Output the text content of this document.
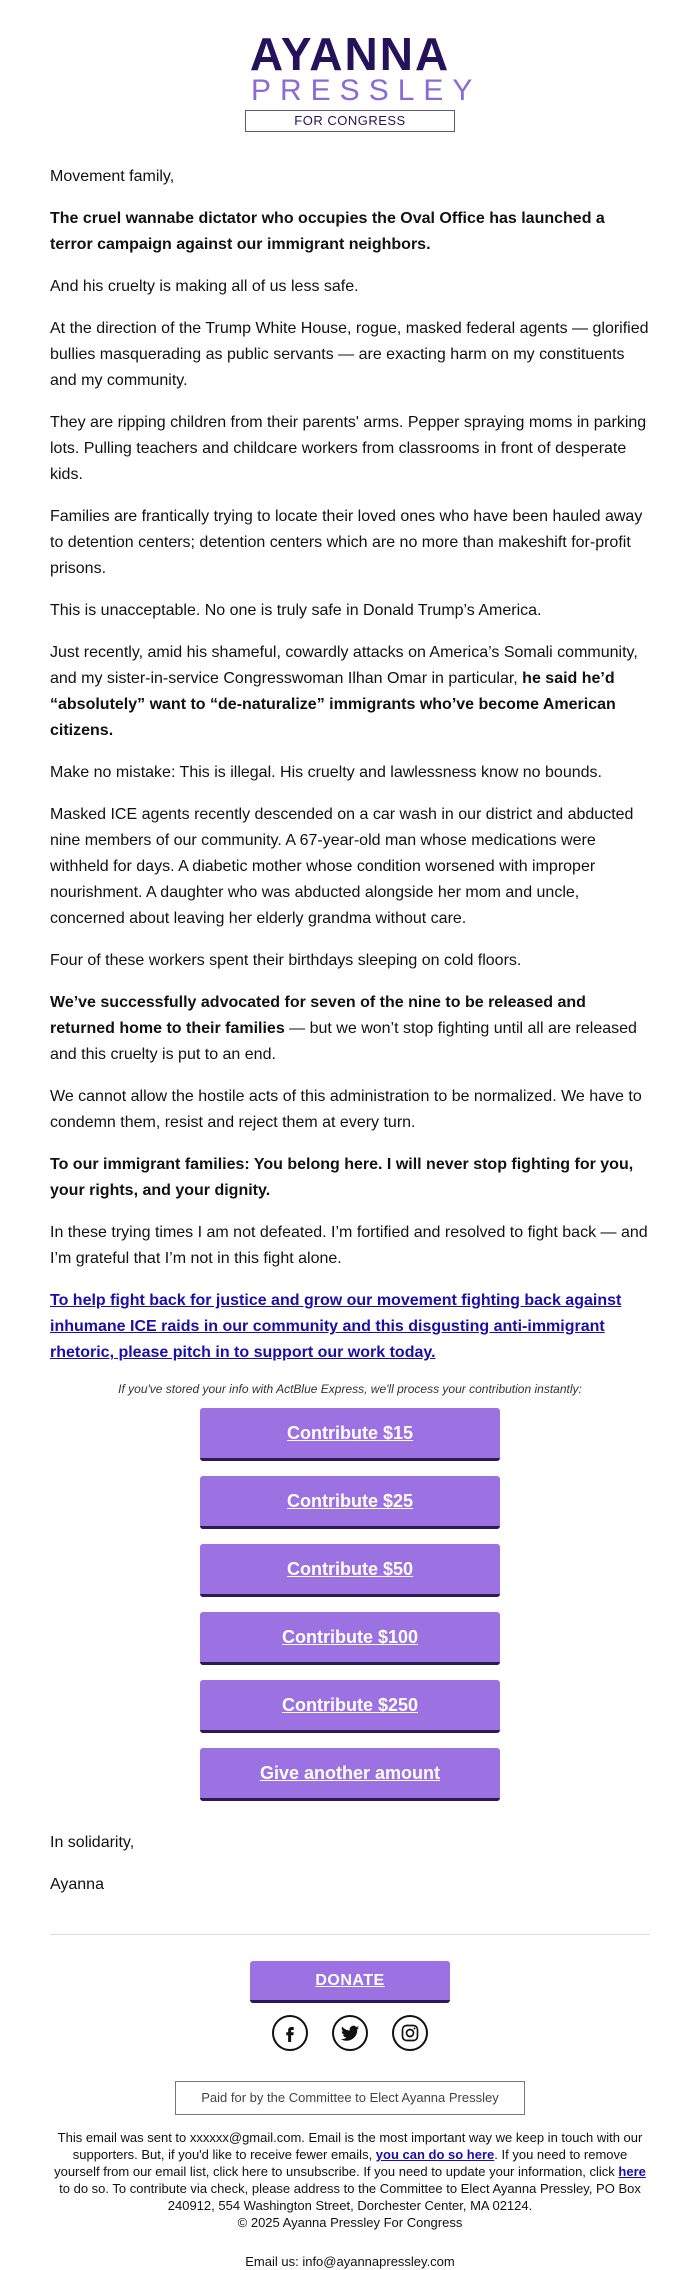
AYANNA
PRESSLEY
FOR CONGRESS

Movement family,

The cruel wannabe dictator who occupies the Oval Office has launched a terror campaign against our immigrant neighbors.

And his cruelty is making all of us less safe.

At the direction of the Trump White House, rogue, masked federal agents — glorified bullies masquerading as public servants — are exacting harm on my constituents and my community.

They are ripping children from their parents' arms. Pepper spraying moms in parking lots. Pulling teachers and childcare workers from classrooms in front of desperate kids.

Families are frantically trying to locate their loved ones who have been hauled away to detention centers; detention centers which are no more than makeshift for-profit prisons.

This is unacceptable. No one is truly safe in Donald Trump’s America.

Just recently, amid his shameful, cowardly attacks on America’s Somali community, and my sister-in-service Congresswoman Ilhan Omar in particular, he said he’d “absolutely” want to “de-naturalize” immigrants who’ve become American citizens.

Make no mistake: This is illegal. His cruelty and lawlessness know no bounds.

Masked ICE agents recently descended on a car wash in our district and abducted nine members of our community. A 67-year-old man whose medications were withheld for days. A diabetic mother whose condition worsened with improper nourishment. A daughter who was abducted alongside her mom and uncle, concerned about leaving her elderly grandma without care.

Four of these workers spent their birthdays sleeping on cold floors.

We’ve successfully advocated for seven of the nine to be released and returned home to their families — but we won’t stop fighting until all are released and this cruelty is put to an end.

We cannot allow the hostile acts of this administration to be normalized. We have to condemn them, resist and reject them at every turn.

To our immigrant families: You belong here. I will never stop fighting for you, your rights, and your dignity.

In these trying times I am not defeated. I’m fortified and resolved to fight back — and I’m grateful that I’m not in this fight alone.

To help fight back for justice and grow our movement fighting back against inhumane ICE raids in our community and this disgusting anti-immigrant rhetoric, please pitch in to support our work today.

If you've stored your info with ActBlue Express, we'll process your contribution instantly:
Contribute $15
Contribute $25
Contribute $50
Contribute $100
Contribute $250
Give another amount

In solidarity,

Ayanna

DONATE
Paid for by the Committee to Elect Ayanna Pressley
This email was sent to xxxxxx@gmail.com. Email is the most important way we keep in touch with our supporters. But, if you'd like to receive fewer emails, you can do so here. If you need to remove yourself from our email list, click here to unsubscribe. If you need to update your information, click here to do so. To contribute via check, please address to the Committee to Elect Ayanna Pressley, PO Box 240912, 554 Washington Street, Dorchester Center, MA 02124.
© 2025 Ayanna Pressley For Congress
Email us: info@ayannapressley.com
